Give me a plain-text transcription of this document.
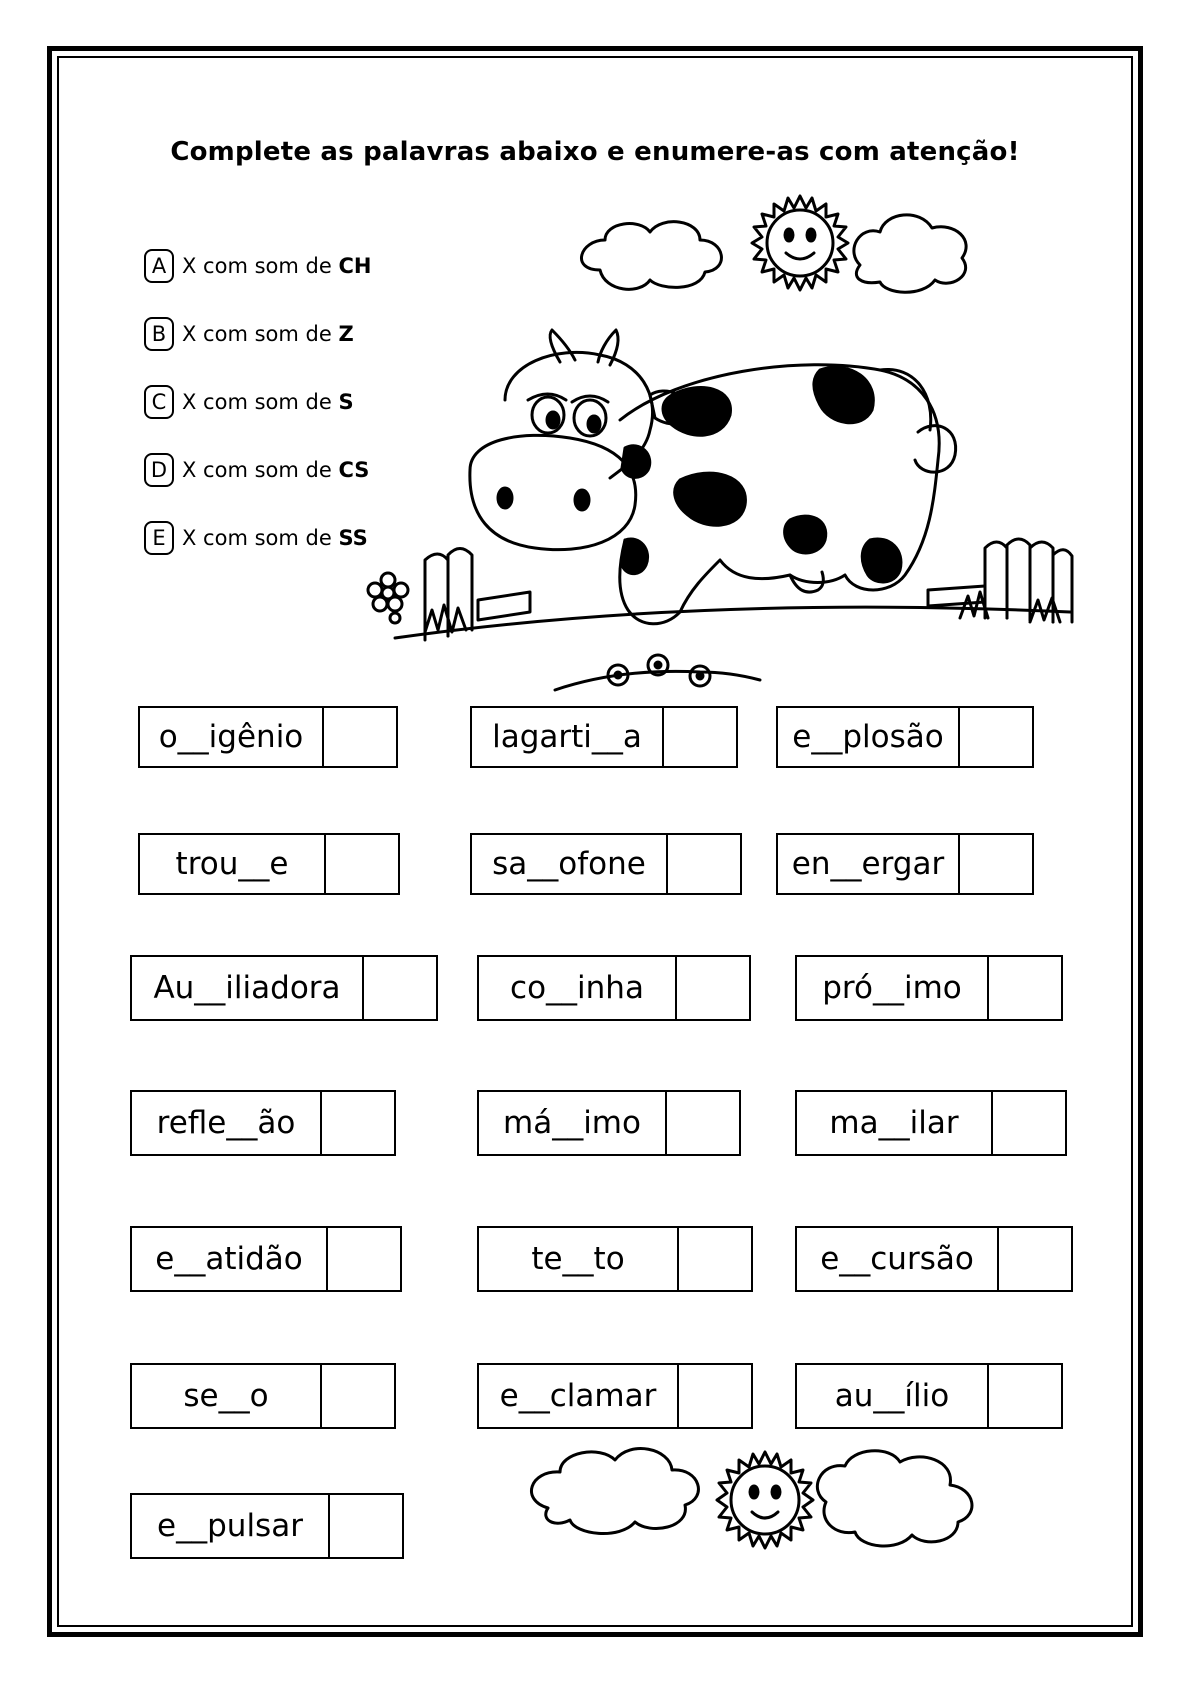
Complete as palavras abaixo e enumere-as com atenção!
A X com som de CH
B X com som de Z
C X com som de S
D X com som de CS
E X com som de SS
o__igênio	lagarti__a	e__plosão
trou__e	sa__ofone	en__ergar
Au__iliadora	co__inha	pró__imo
refle__ão	má__imo	ma__ilar
e__atidão	te__to	e__cursão
se__o	e__clamar	au__ílio
e__pulsar
